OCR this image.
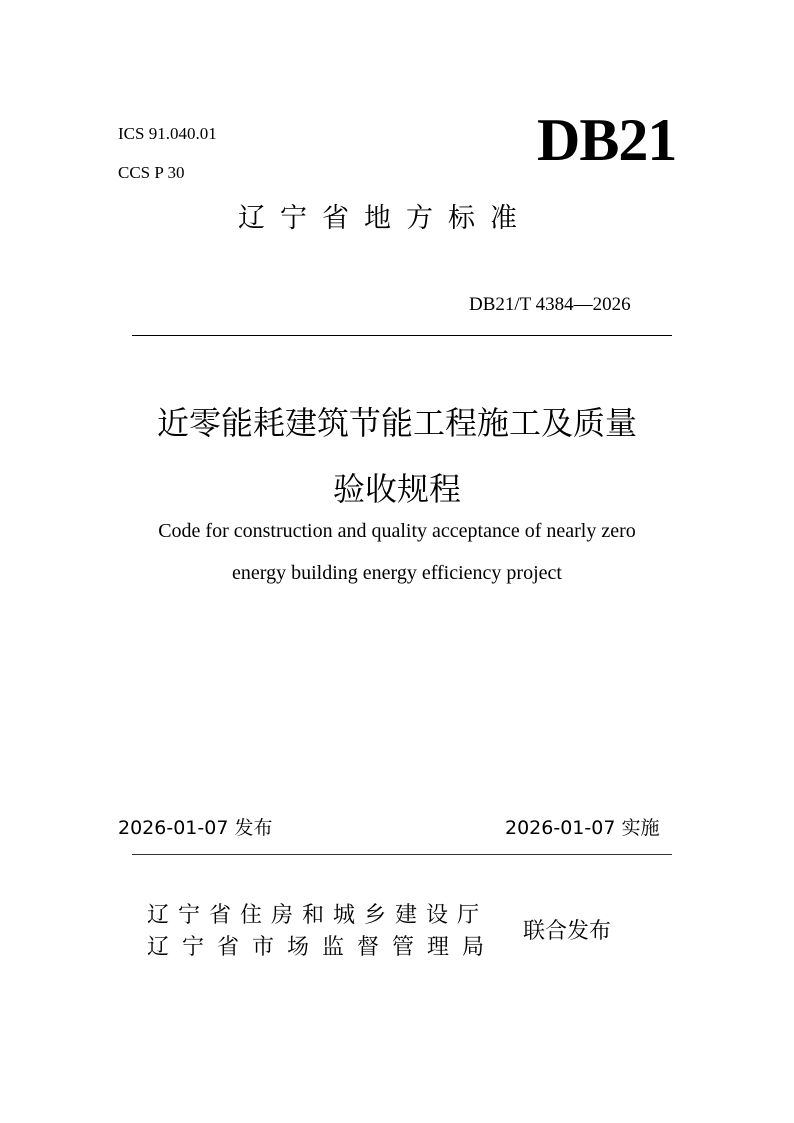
ICS 91.040.01
CCS P 30	DB21
辽宁省地方标准
DB21/T 4384—2026
近零能耗建筑节能工程施工及质量
验收规程
Code for construction and quality acceptance of nearly zero
energy building energy efficiency project
2026-01-07 发布	2026-01-07 实施
辽宁省住房和城乡建设厅
辽宁省市场监督管理局
联合发布
